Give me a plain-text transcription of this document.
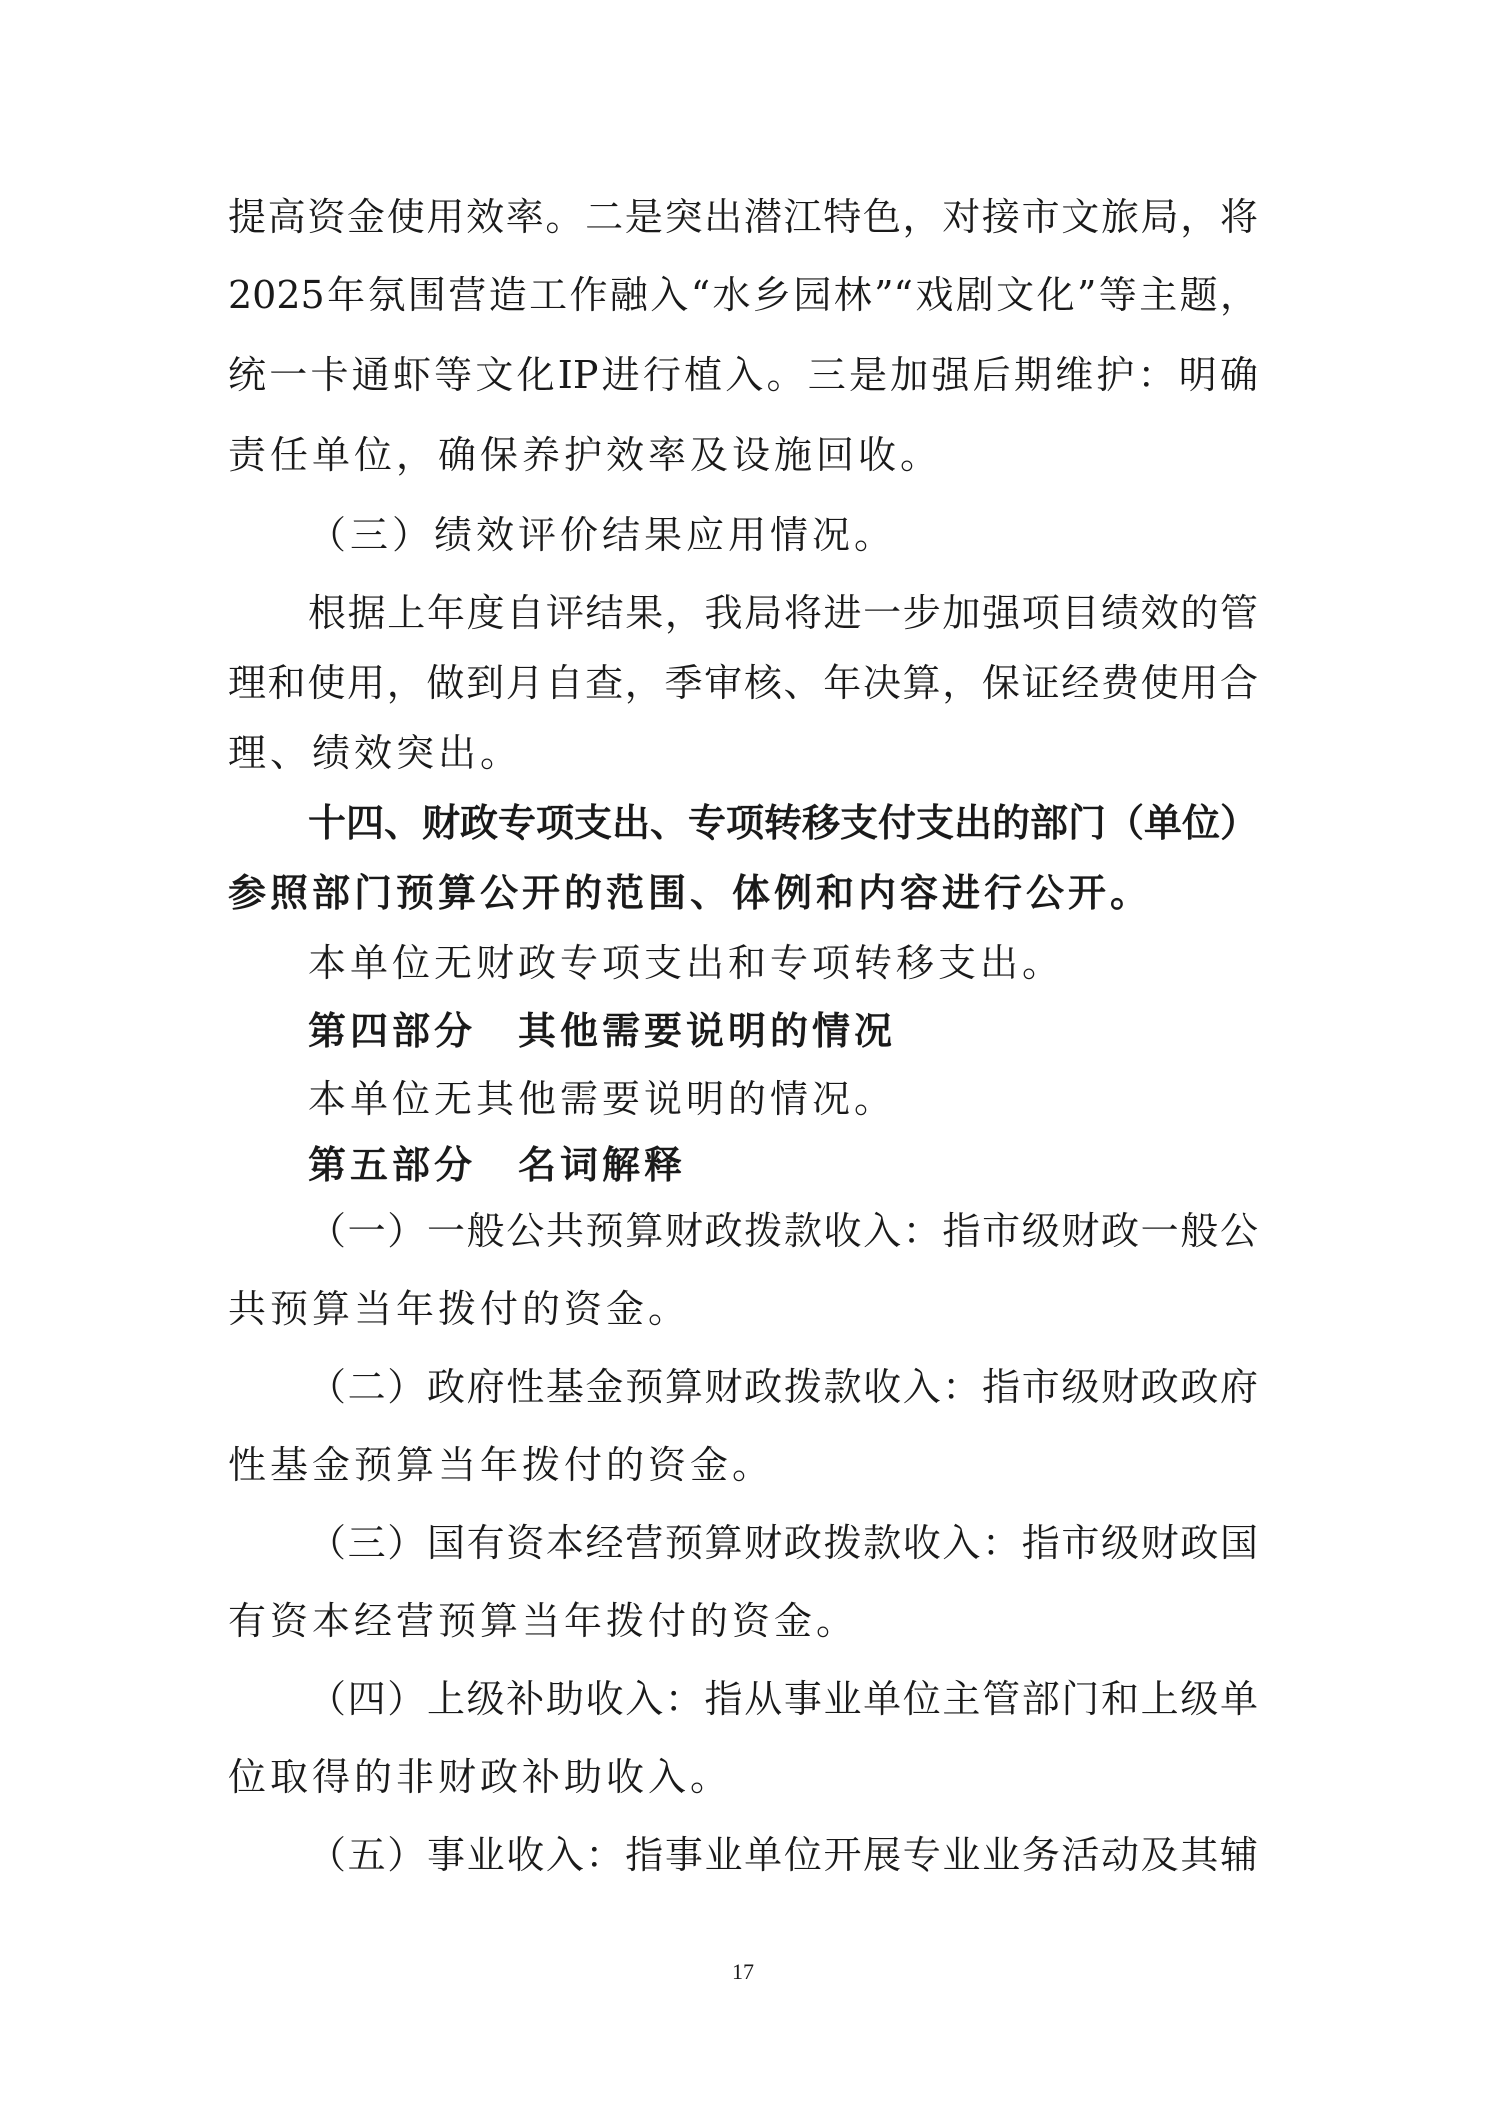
提高资金使用效率。二是突出潜江特色，对接市文旅局，将
2025年氛围营造工作融入“水乡园林”“戏剧文化”等主题，
统一卡通虾等文化IP进行植入。三是加强后期维护：明确
责任单位，确保养护效率及设施回收。
（三）绩效评价结果应用情况。
根据上年度自评结果，我局将进一步加强项目绩效的管
理和使用，做到月自查，季审核、年决算，保证经费使用合
理、绩效突出。
十四、财政专项支出、专项转移支付支出的部门（单位）
参照部门预算公开的范围、体例和内容进行公开。
本单位无财政专项支出和专项转移支出。
第四部分　其他需要说明的情况
本单位无其他需要说明的情况。
第五部分　名词解释
（一）一般公共预算财政拨款收入：指市级财政一般公
共预算当年拨付的资金。
（二）政府性基金预算财政拨款收入：指市级财政政府
性基金预算当年拨付的资金。
（三）国有资本经营预算财政拨款收入：指市级财政国
有资本经营预算当年拨付的资金。
（四）上级补助收入：指从事业单位主管部门和上级单
位取得的非财政补助收入。
（五）事业收入：指事业单位开展专业业务活动及其辅
17
